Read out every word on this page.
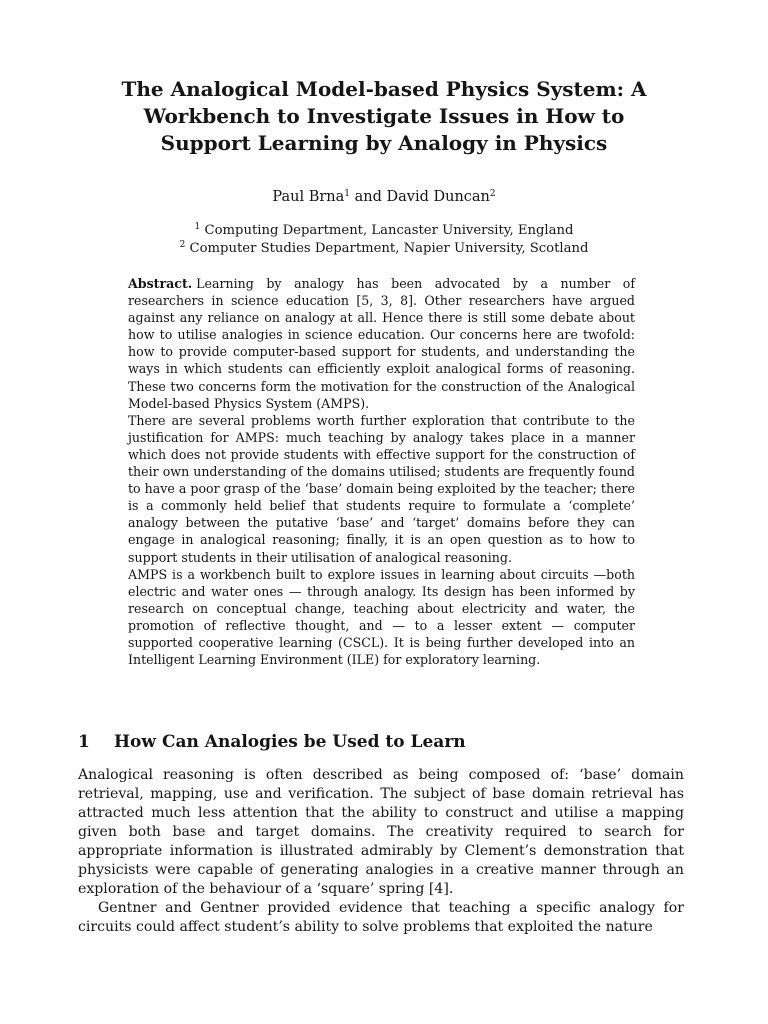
The Analogical Model-based Physics System: A
Workbench to Investigate Issues in How to
Support Learning by Analogy in Physics
Paul Brna$^1$ and David Duncan$^2$
$^1$ Computing Department, Lancaster University, England
$^2$ Computer Studies Department, Napier University, Scotland

Abstract. Learning by analogy has been advocated by a number of researchers in science education [5, 3, 8]. Other researchers have argued against any reliance on analogy at all. Hence there is still some debate about how to utilise analogies in science education. Our concerns here are twofold: how to provide computer-based support for students, and understanding the ways in which students can efficiently exploit analogical forms of reasoning. These two concerns form the motivation for the construction of the Analogical Model-based Physics System (AMPS).

There are several problems worth further exploration that contribute to the justification for AMPS: much teaching by analogy takes place in a manner which does not provide students with effective support for the construction of their own understanding of the domains utilised; students are frequently found to have a poor grasp of the ‘base’ domain being exploited by the teacher; there is a commonly held belief that students require to formulate a ‘complete’ analogy between the putative ‘base’ and ‘target’ domains before they can engage in analogical reasoning; finally, it is an open question as to how to support students in their utilisation of analogical reasoning.

AMPS is a workbench built to explore issues in learning about circuits —both electric and water ones — through analogy. Its design has been informed by research on conceptual change, teaching about electricity and water, the promotion of reflective thought, and — to a lesser extent — computer supported cooperative learning (CSCL). It is being further developed into an Intelligent Learning Environment (ILE) for exploratory learning.

1 How Can Analogies be Used to Learn

Analogical reasoning is often described as being composed of: ‘base’ domain retrieval, mapping, use and verification. The subject of base domain retrieval has attracted much less attention that the ability to construct and utilise a mapping given both base and target domains. The creativity required to search for appropriate information is illustrated admirably by Clement’s demonstration that physicists were capable of generating analogies in a creative manner through an exploration of the behaviour of a ‘square’ spring [4].

Gentner and Gentner provided evidence that teaching a specific analogy for circuits could affect student’s ability to solve problems that exploited the nature
